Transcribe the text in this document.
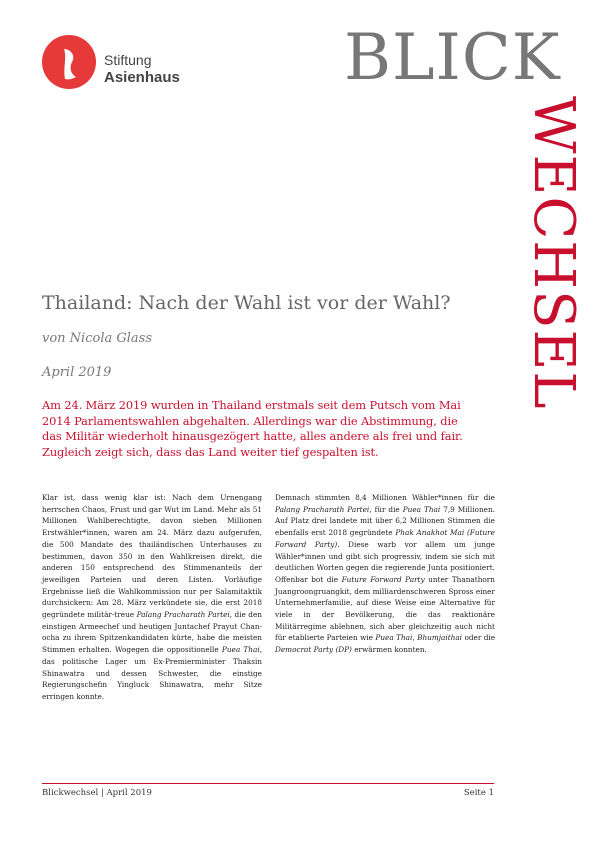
Stiftung
Asienhaus	BLICK
WECHSEL
Thailand: Nach der Wahl ist vor der Wahl?
von Nicola Glass
April 2019

Am 24. März 2019 wurden in Thailand erstmals seit dem Putsch vom Mai 2014 Parlamentswahlen abgehalten. Allerdings war die Abstimmung, die das Militär wiederholt hinausgezögert hatte, alles andere als frei und fair. Zugleich zeigt sich, dass das Land weiter tief gespalten ist.

Klar ist, dass wenig klar ist: Nach dem Urnengang herrschen Chaos, Frust und gar Wut im Land. Mehr als 51 Millionen Wahlberechtigte, davon sieben Millionen Erstwähler*innen, waren am 24. März dazu aufgerufen, die 500 Mandate des thailändischen Unterhauses zu bestimmen, davon 350 in den Wahlkreisen direkt, die anderen 150 entsprechend des Stimmenanteils der jeweiligen Parteien und deren Listen. Vorläufige Ergebnisse ließ die Wahlkommission nur per Salamitaktik durchsickern: Am 28. März verkündete sie, die erst 2018 gegründete militär-treue Palang Pracharath Partei, die den einstigen Armeechef und heutigen Juntachef Prayut Chan-ocha zu ihrem Spitzenkandidaten kürte, habe die meisten Stimmen erhalten. Wogegen die oppositionelle Puea Thai, das politische Lager um Ex-Premierminister Thaksin Shinawatra und dessen Schwester, die einstige Regierungschefin Yingluck Shinawatra, mehr Sitze erringen konnte.

Demnach stimmten 8,4 Millionen Wähler*innen für die Palang Pracharath Partei, für die Puea Thai 7,9 Millionen. Auf Platz drei landete mit über 6,2 Millionen Stimmen die ebenfalls erst 2018 gegründete Phak Anakhot Mai (Future Forward Party). Diese warb vor allem um junge Wähler*innen und gibt sich progressiv, indem sie sich mit deutlichen Worten gegen die regierende Junta positioniert. Offenbar bot die Future Forward Party unter Thanathorn Juangroongruangkit, dem milliardenschweren Spross einer Unternehmerfamilie, auf diese Weise eine Alternative für viele in der Bevölkerung, die das reaktionäre Militärregime ablehnen, sich aber gleichzeitig auch nicht für etablierte Parteien wie Puea Thai, Bhumjaithai oder die Democrat Party (DP) erwärmen konnten.

Blickwechsel | April 2019	Seite 1
